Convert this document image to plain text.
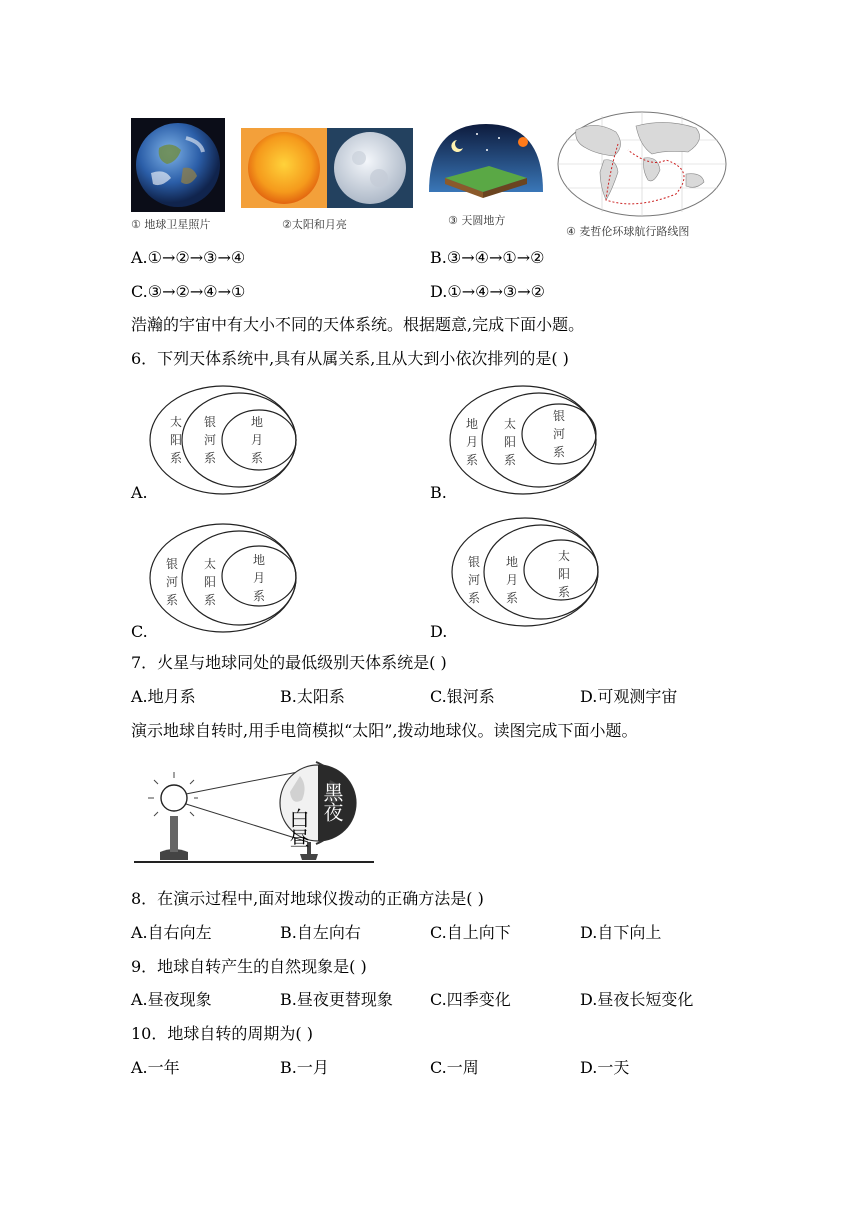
① 地球卫星照片	②太阳和月亮	③ 天圆地方
④ 麦哲伦环球航行路线图
A.①→②→③→④	B.③→④→①→②
C.③→②→④→①	D.①→④→③→②
浩瀚的宇宙中有大小不同的天体系统。根据题意,完成下面小题。
6．下列天体系统中,具有从属关系,且从大到小依次排列的是( )
太
阳
系
银
河
系
地
月
系
A.
地
月
系
太
阳
系
银
河
系
B.
银
河
系
太
阳
系
地
月
系
C.
银
河
系
地
月
系
太
阳
系
D.
7．火星与地球同处的最低级别天体系统是( )
A.地月系	B.太阳系	C.银河系	D.可观测宇宙
演示地球自转时,用手电筒模拟“太阳”,拨动地球仪。读图完成下面小题。
白昼
黑夜
8．在演示过程中,面对地球仪拨动的正确方法是( )
A.自右向左	B.自左向右	C.自上向下	D.自下向上
9．地球自转产生的自然现象是( )
A.昼夜现象	B.昼夜更替现象 C.四季变化	D.昼夜长短变化
10．地球自转的周期为( )
A.一年	B.一月	C.一周	D.一天
